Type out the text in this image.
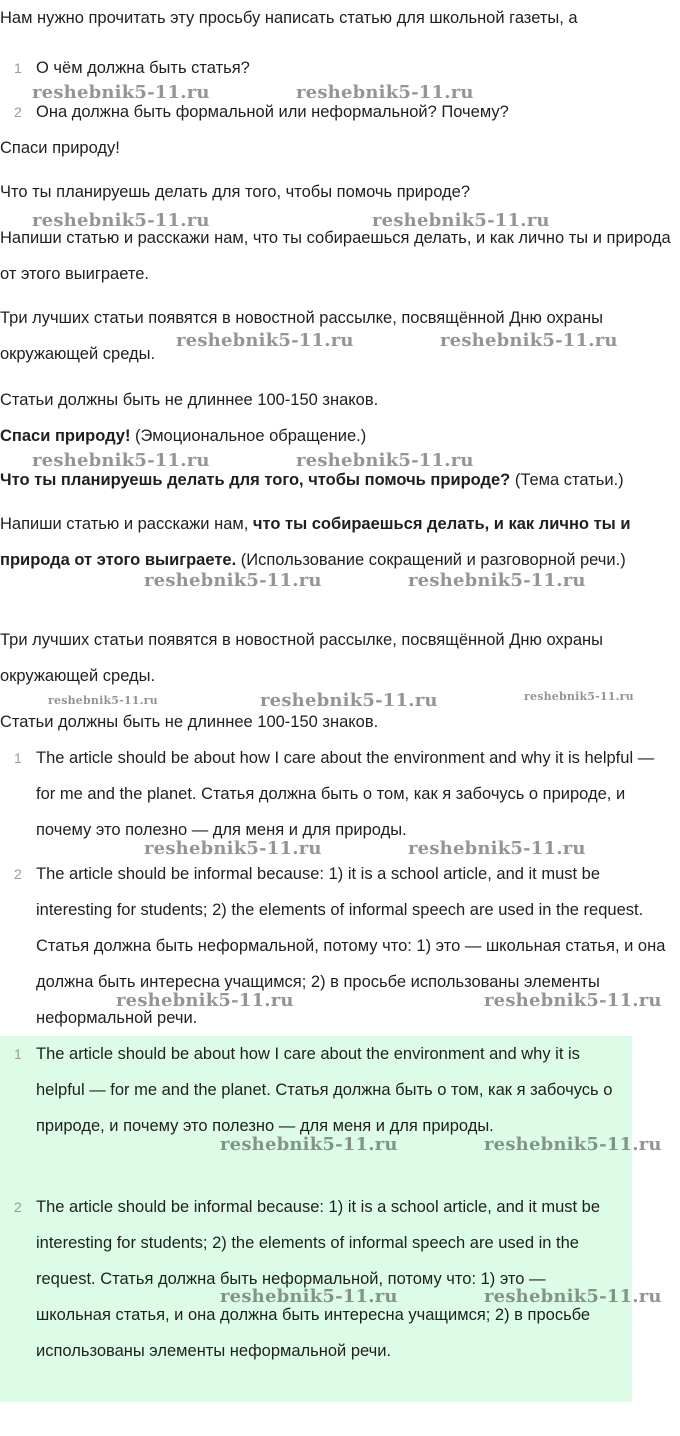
Нам нужно прочитать эту просьбу написать статью для школьной газеты, а

1 О чём должна быть статья?
2 Она должна быть формальной или неформальной? Почему?

Спаси природу!

Что ты планируешь делать для того, чтобы помочь природе?

Напиши статью и расскажи нам, что ты собираешься делать, и как лично ты и природа от этого выиграете.

Три лучших статьи появятся в новостной рассылке, посвящённой Дню охраны окружающей среды.

Статьи должны быть не длиннее 100-150 знаков.

Спаси природу! (Эмоциональное обращение.)

Что ты планируешь делать для того, чтобы помочь природе? (Тема статьи.)

Напиши статью и расскажи нам, что ты собираешься делать, и как лично ты и природа от этого выиграете. (Использование сокращений и разговорной речи.)

Три лучших статьи появятся в новостной рассылке, посвящённой Дню охраны окружающей среды.

Статьи должны быть не длиннее 100-150 знаков.

1 The article should be about how I care about the environment and why it is helpful — for me and the planet. Статья должна быть о том, как я забочусь о природе, и почему это полезно — для меня и для природы.
2 The article should be informal because: 1) it is a school article, and it must be interesting for students; 2) the elements of informal speech are used in the request. Статья должна быть неформальной, потому что: 1) это — школьная статья, и она должна быть интересна учащимся; 2) в просьбе использованы элементы неформальной речи.
1 The article should be about how I care about the environment and why it is helpful — for me and the planet. Статья должна быть о том, как я забочусь о природе, и почему это полезно — для меня и для природы.
2 The article should be informal because: 1) it is a school article, and it must be interesting for students; 2) the elements of informal speech are used in the request. Статья должна быть неформальной, потому что: 1) это — школьная статья, и она должна быть интересна учащимся; 2) в просьбе использованы элементы неформальной речи.
reshebnik5-11.ru	reshebnik5-11.ru
reshebnik5-11.ru	reshebnik5-11.ru
reshebnik5-11.ru	reshebnik5-11.ru
reshebnik5-11.ru	reshebnik5-11.ru
reshebnik5-11.ru	reshebnik5-11.ru
reshebnik5-11.ru	reshebnik5-11.ru	reshebnik5-11.ru
reshebnik5-11.ru	reshebnik5-11.ru
reshebnik5-11.ru	reshebnik5-11.ru
reshebnik5-11.ru	reshebnik5-11.ru
reshebnik5-11.ru	reshebnik5-11.ru
